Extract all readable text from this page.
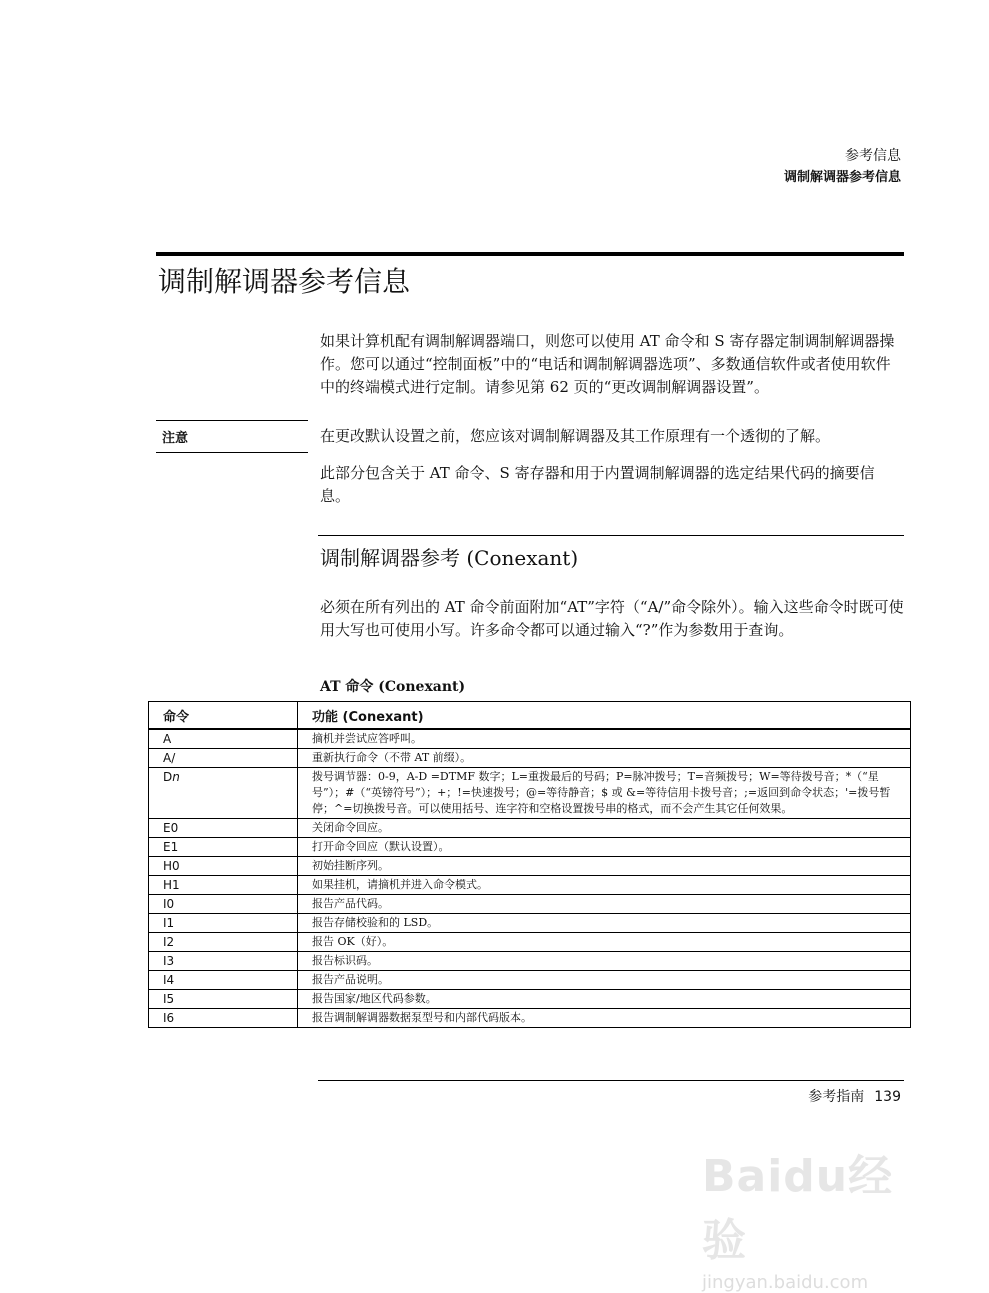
参考信息
调制解调器参考信息
调制解调器参考信息
如果计算机配有调制解调器端口，则您可以使用 AT 命令和 S 寄存器定制调制解调器操作。您可以通过“控制面板”中的“电话和调制解调器选项”、多数通信软件或者使用软件中的终端模式进行定制。请参见第 62 页的“更改调制解调器设置”。
注意	在更改默认设置之前，您应该对调制解调器及其工作原理有一个透彻的了解。
此部分包含关于 AT 命令、S 寄存器和用于内置调制解调器的选定结果代码的摘要信息。
调制解调器参考 (Conexant)
必须在所有列出的 AT 命令前面附加“AT”字符（“A/”命令除外）。输入这些命令时既可使用大写也可使用小写。许多命令都可以通过输入“?”作为参数用于查询。
AT 命令 (Conexant)
命令	功能 (Conexant)
A	摘机并尝试应答呼叫。
A/	重新执行命令（不带 AT 前缀）。
Dn	拨号调节器：0-9，A-D =DTMF 数字；L=重拨最后的号码；P=脉冲拨号；T=音频拨号；W=等待拨号音；*（“星号”）；#（“英镑符号”）；+；!=快速拨号；@=等待静音；$ 或 &=等待信用卡拨号音；;=返回到命令状态；'=拨号暂停；^=切换拨号音。可以使用括号、连字符和空格设置拨号串的格式，而不会产生其它任何效果。
E0	关闭命令回应。
E1	打开命令回应（默认设置）。
H0	初始挂断序列。
H1	如果挂机，请摘机并进入命令模式。
I0	报告产品代码。
I1	报告存储校验和的 LSD。
I2	报告 OK（好）。
I3	报告标识码。
I4	报告产品说明。
I5	报告国家/地区代码参数。
I6	报告调制解调器数据泵型号和内部代码版本。
参考指南 139
Baidu经验
jingyan.baidu.com
